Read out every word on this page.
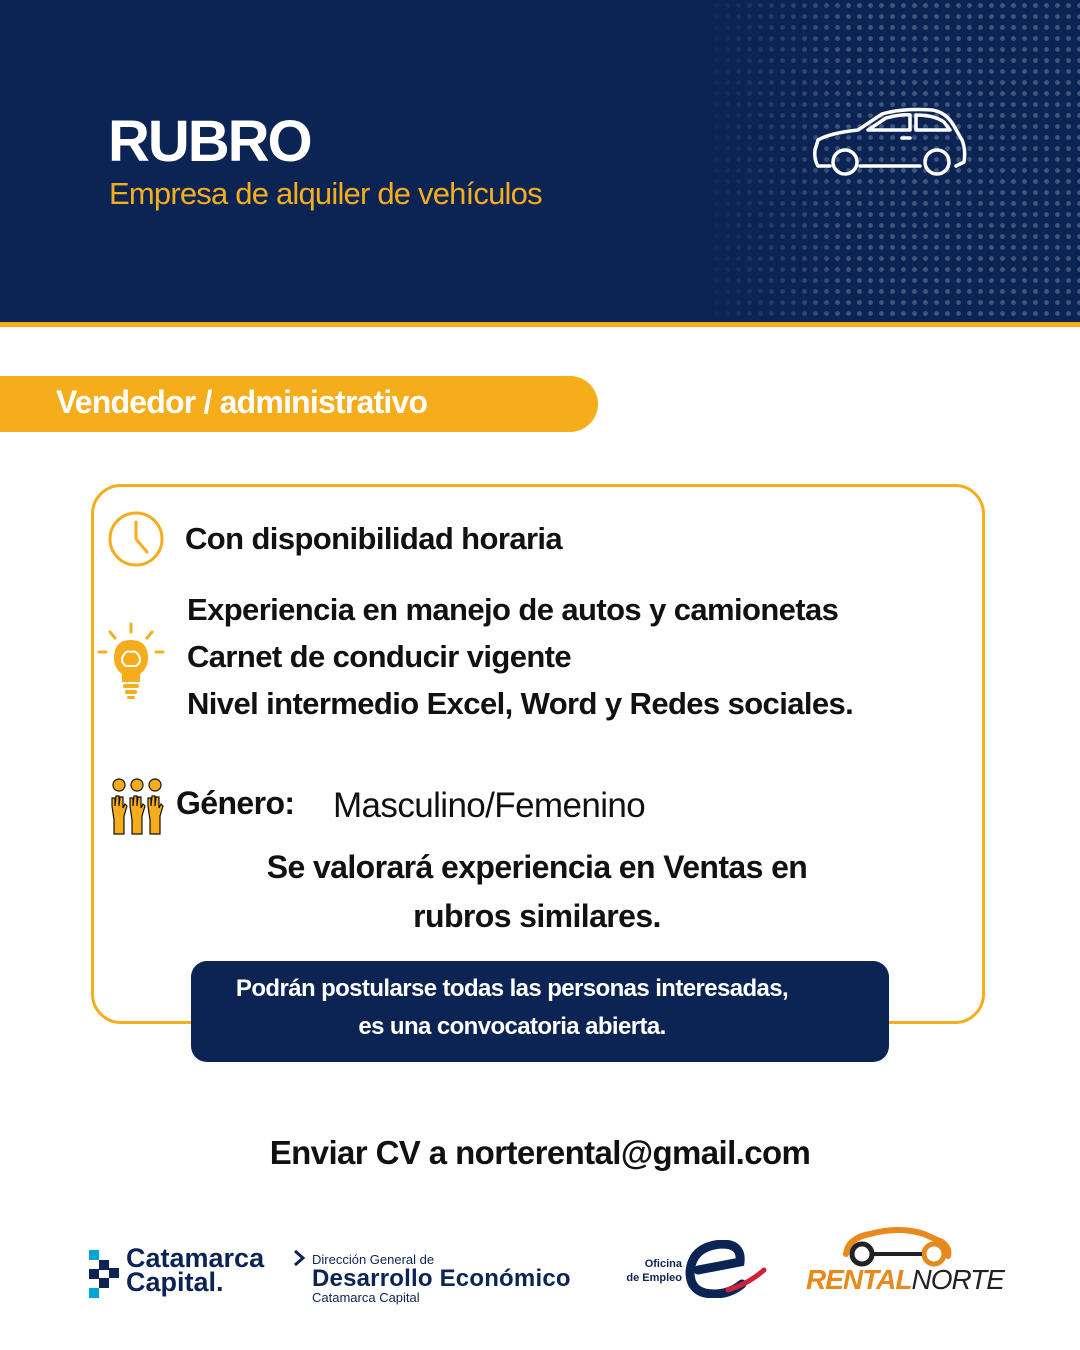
RUBRO
Empresa de alquiler de vehículos
Vendedor / administrativo
Con disponibilidad horaria
Experiencia en manejo de autos y camionetas
Carnet de conducir vigente
Nivel intermedio Excel, Word y Redes sociales.
Género: Masculino/Femenino
Se valorará experiencia en Ventas en
rubros similares.
Podrán postularse todas las personas interesadas,
es una convocatoria abierta.
Enviar CV a norterental@gmail.com
Catamarca
Capital.
Dirección General de
Desarrollo Económico
Catamarca Capital
Oficina
de Empleo	RENTALNORTE
